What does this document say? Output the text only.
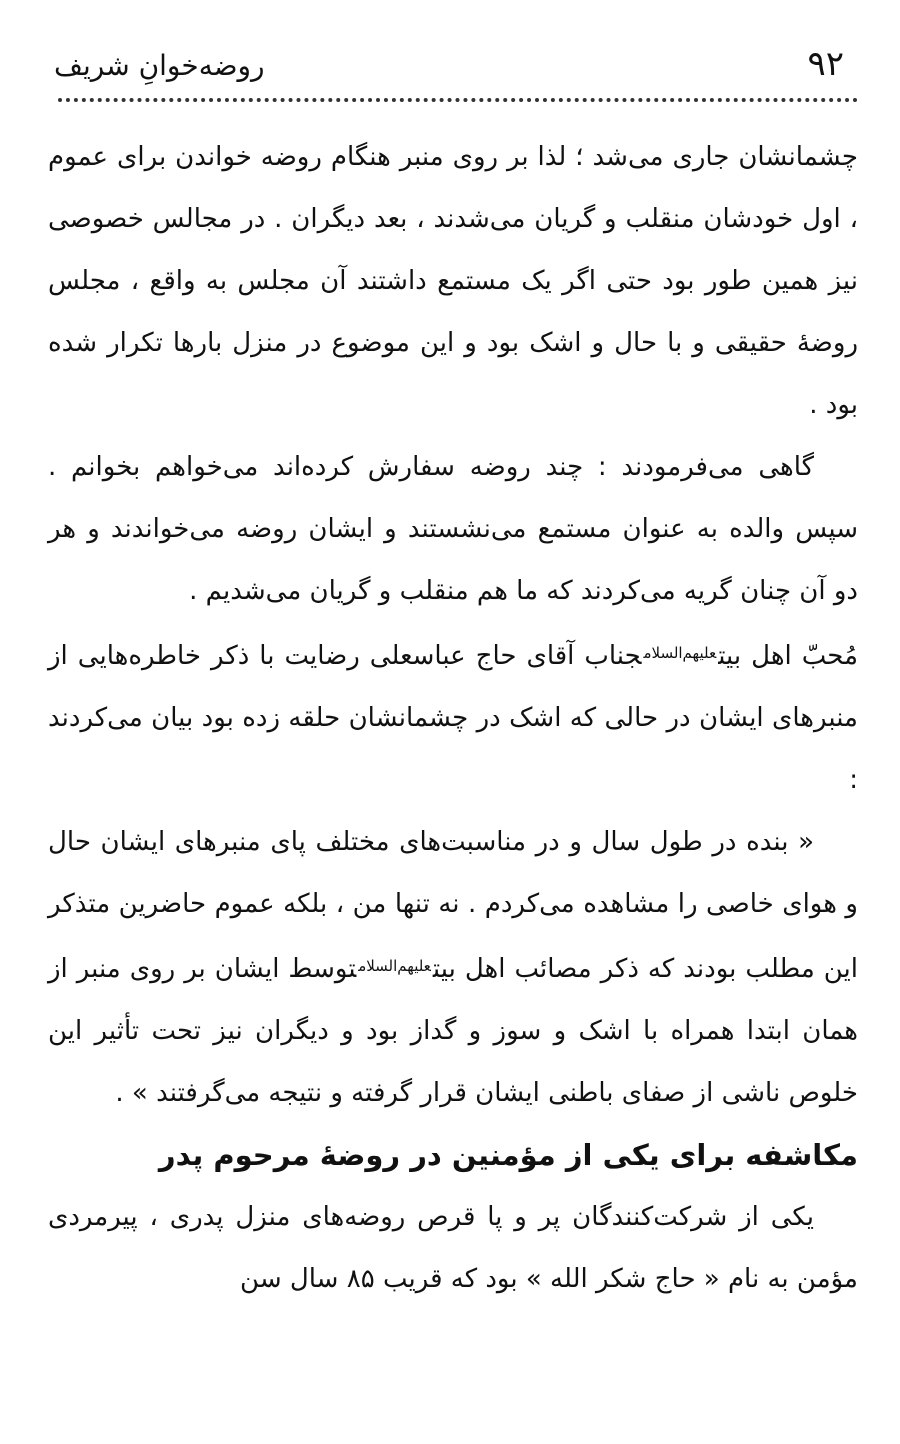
۹۲
روضه‌خوانِ شریف

چشمانشان جاری می‌شد ؛ لذا بر روی منبر هنگام روضه خواندن برای عموم ، اول خودشان منقلب و گریان می‌شدند ، بعد دیگران . در مجالس خصوصی نیز همین طور بود حتی اگر یک مستمع داشتند آن مجلس به واقع ، مجلس روضهٔ حقیقی و با حال و اشک بود و این موضوع در منزل بارها تکرار شده بود .

گاهی می‌فرمودند : چند روضه سفارش کرده‌اند می‌خواهم بخوانم . سپس والده به عنوان مستمع می‌نشستند و ایشان روضه می‌خواندند و هر دو آن چنان گریه می‌کردند که ما هم منقلب و گریان می‌شدیم .

مُحبّ اهل بیت$^{علیهم‌السلام}$جناب آقای حاج عباسعلی رضایت با ذکر خاطره‌هایی از منبرهای ایشان در حالی که اشک در چشمانشان حلقه زده بود بیان می‌کردند :

« بنده در طول سال و در مناسبت‌های مختلف پای منبرهای ایشان حال و هوای خاصی را مشاهده می‌کردم . نه تنها من ، بلکه عموم حاضرین متذکر این مطلب بودند که ذکر مصائب اهل بیت$^{علیهم‌السلام}$توسط ایشان بر روی منبر از همان ابتدا همراه با اشک و سوز و گداز بود و دیگران نیز تحت تأثیر این خلوص ناشی از صفای باطنی ایشان قرار گرفته و نتیجه می‌گرفتند » .

مکاشفه برای یکی از مؤمنین در روضهٔ مرحوم پدر

یکی از شرکت‌کنندگان پر و پا قرص روضه‌های منزل پدری ، پیرمردی مؤمن به نام « حاج شکر الله » بود که قریب ۸۵ سال سن
